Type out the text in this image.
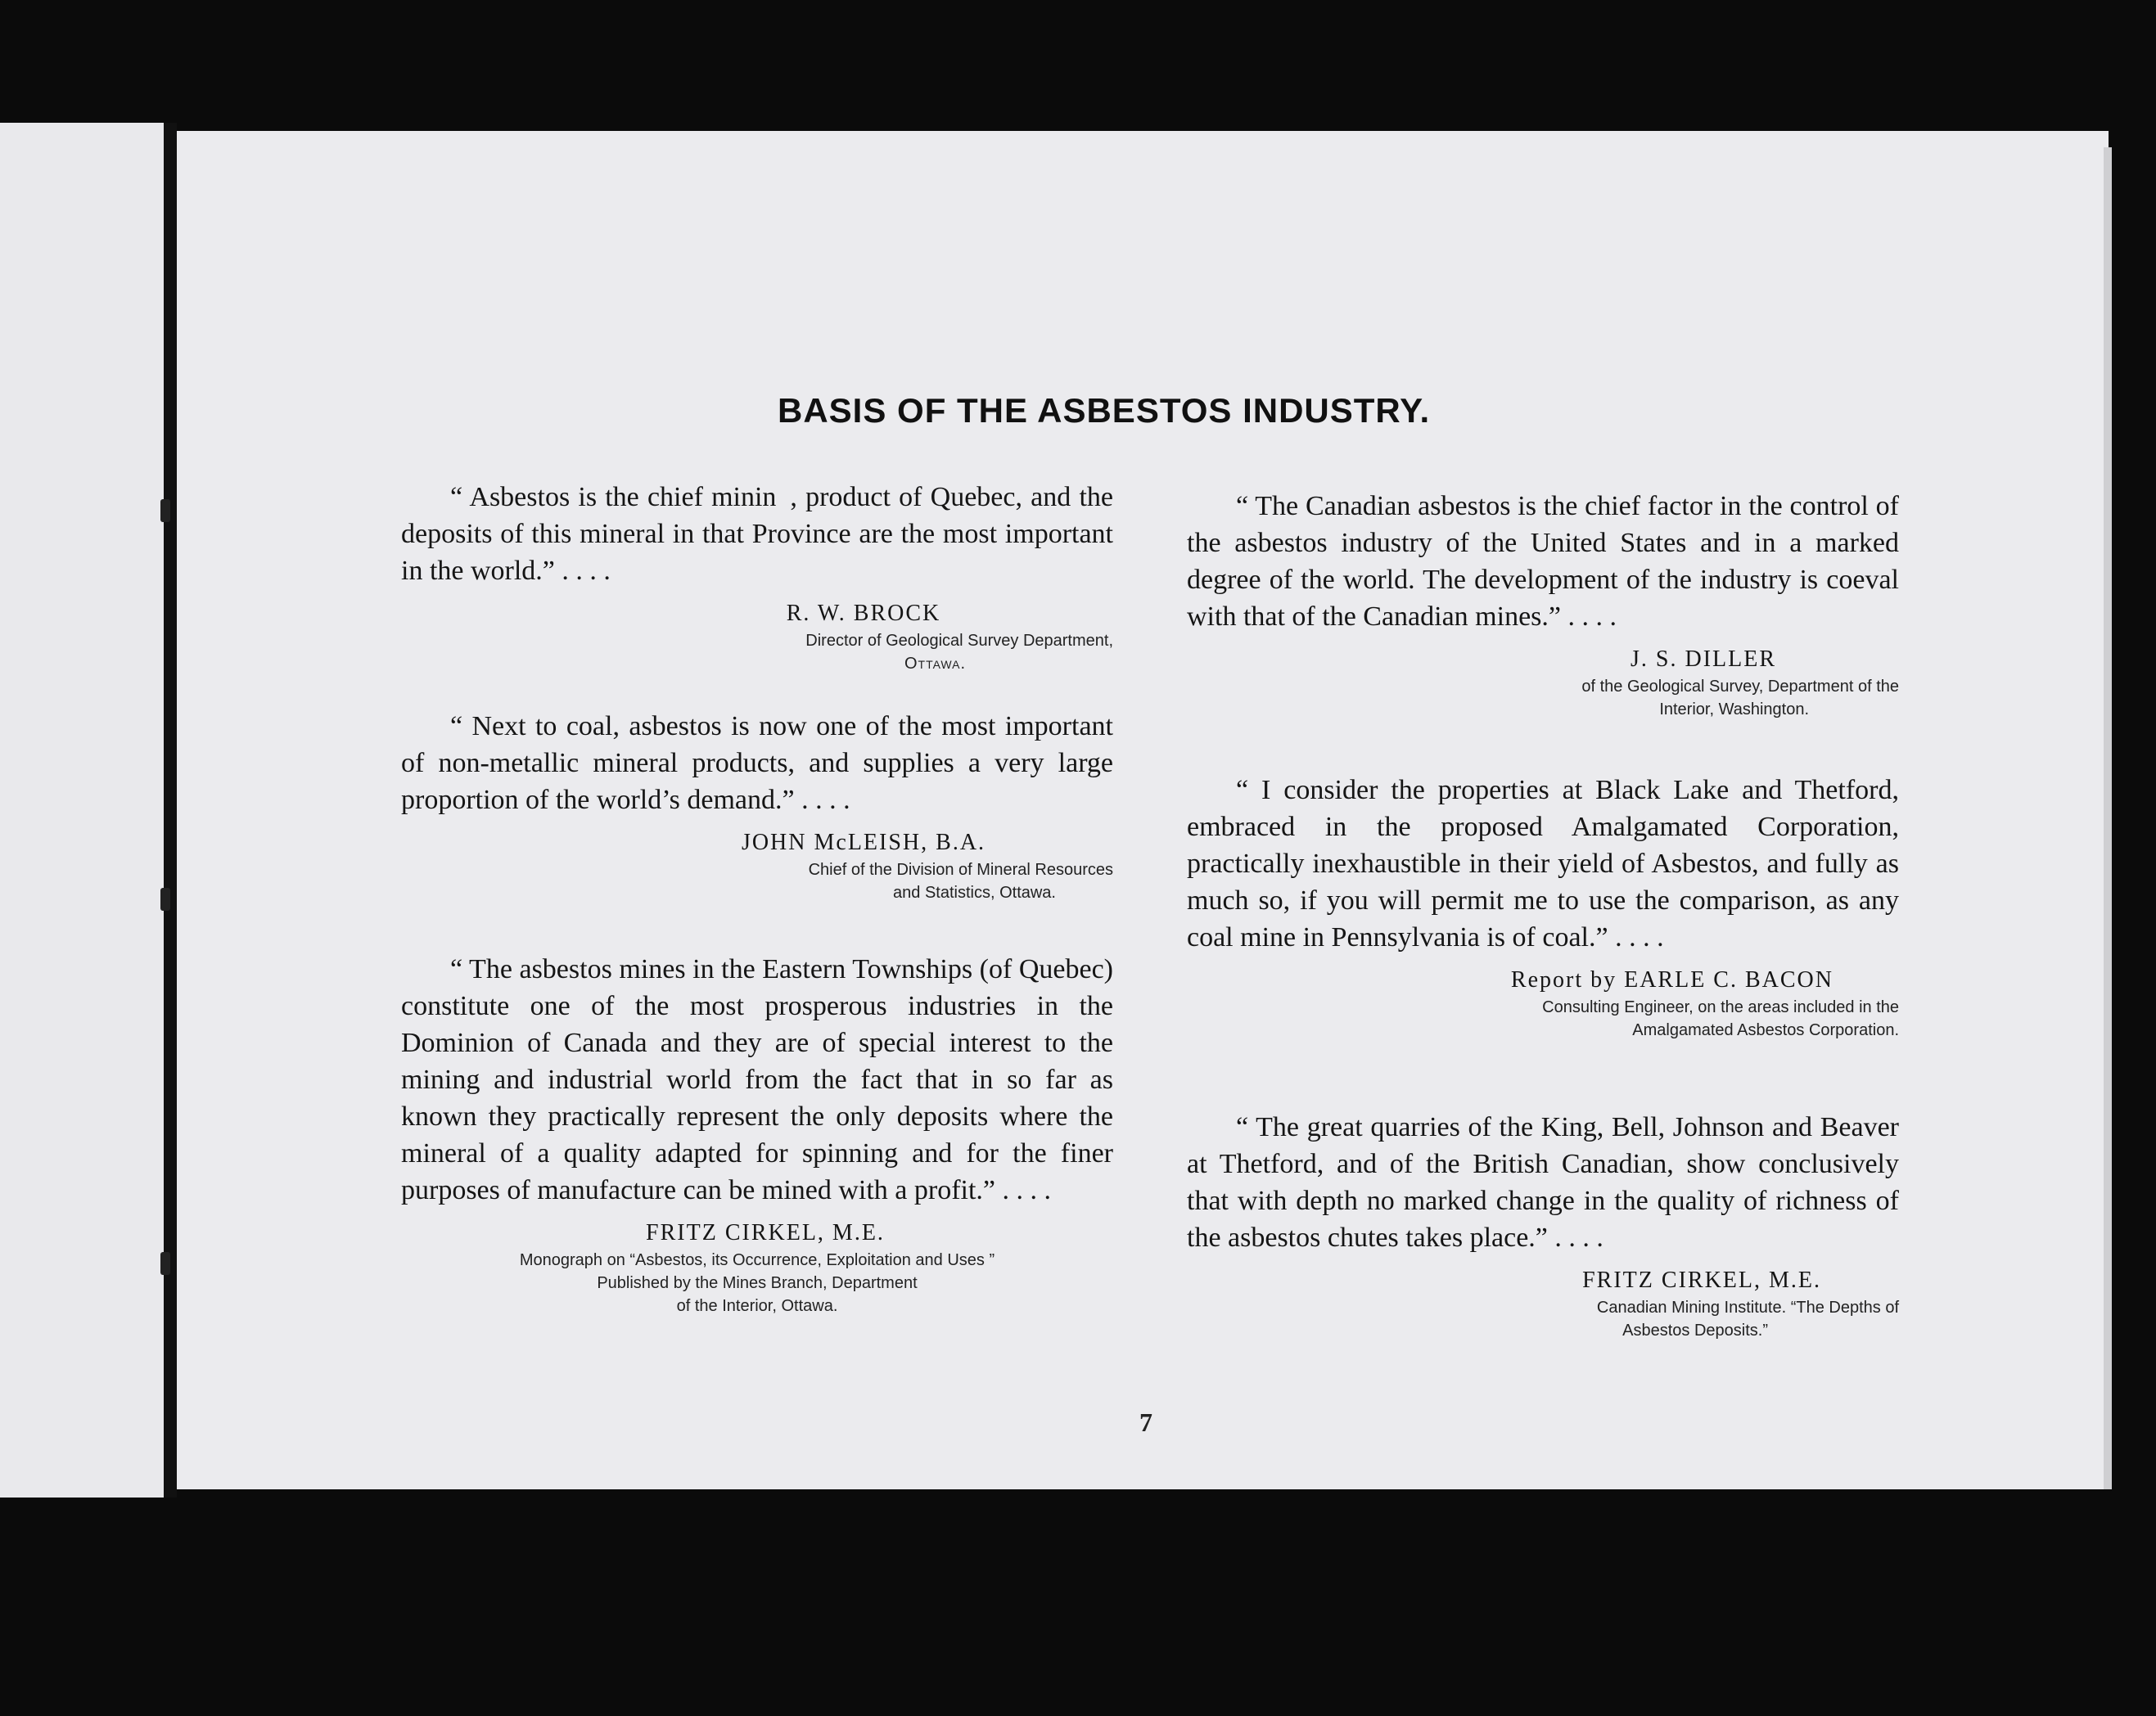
BASIS OF THE ASBESTOS INDUSTRY.

“ Asbestos is the chief minin  , product of Quebec, and the deposits of this mineral in that Province are the most important in the world.” . . . .

R. W. BROCK
Director of Geological Survey Department,
Ottawa.

“ Next to coal, asbestos is now one of the most important of non-metallic mineral products, and supplies a very large proportion of the world’s demand.” . . . .

JOHN McLEISH, B.A.
Chief of the Division of Mineral Resources
and Statistics, Ottawa.

“ The asbestos mines in the Eastern Townships (of Quebec) constitute one of the most prosperous industries in the Dominion of Canada and they are of special interest to the mining and industrial world from the fact that in so far as known they practically represent the only deposits where the mineral of a quality adapted for spinning and for the finer purposes of manufacture can be mined with a profit.” . . . .

FRITZ CIRKEL, M.E.
Monograph on “Asbestos, its Occurrence, Exploitation and Uses ”
Published by the Mines Branch, Department
of the Interior, Ottawa.

“ The Canadian asbestos is the chief factor in the control of the asbestos industry of the United States and in a marked degree of the world. The development of the industry is coeval with that of the Canadian mines.” . . . .

J. S. DILLER
of the Geological Survey, Department of the
Interior, Washington.

“ I consider the properties at Black Lake and Thetford, embraced in the proposed Amalgamated Corporation, practically inexhaustible in their yield of Asbestos, and fully as much so, if you will permit me to use the comparison, as any coal mine in Pennsylvania is of coal.” . . . .

Report by EARLE C. BACON
Consulting Engineer, on the areas included in the
Amalgamated Asbestos Corporation.

“ The great quarries of the King, Bell, Johnson and Beaver at Thetford, and of the British Canadian, show conclusively that with depth no marked change in the quality of richness of the asbestos chutes takes place.” . . . .

FRITZ CIRKEL, M.E.
Canadian Mining Institute. “The Depths of
Asbestos Deposits.”
7
